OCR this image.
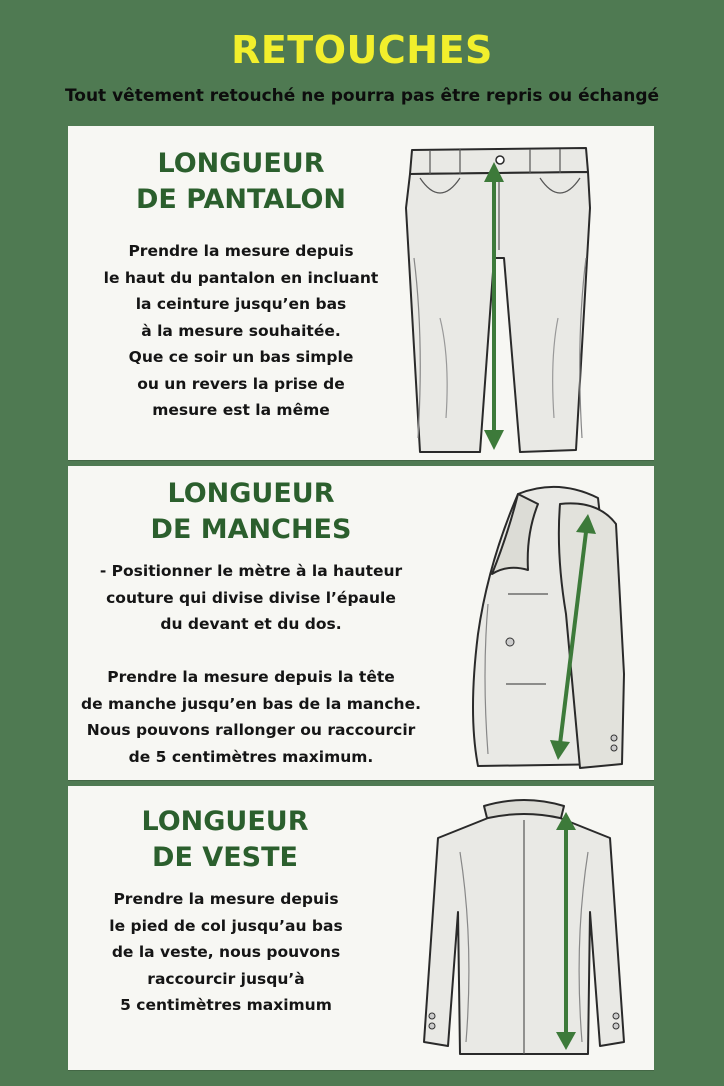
RETOUCHES
Tout vêtement retouché ne pourra pas être repris ou échangé
LONGUEUR
DE PANTALON
Prendre la mesure depuis
le haut du pantalon en incluant
la ceinture jusqu’en bas
à la mesure souhaitée.
Que ce soir un bas simple
ou un revers la prise de
mesure est la même
LONGUEUR
DE MANCHES
- Positionner le mètre à la hauteur
couture qui divise divise l’épaule
du devant et du dos.

Prendre la mesure depuis la tête
de manche jusqu’en bas de la manche.
Nous pouvons rallonger ou raccourcir
de 5 centimètres maximum.
LONGUEUR
DE VESTE
Prendre la mesure depuis
le pied de col jusqu’au bas
de la veste, nous pouvons
raccourcir jusqu’à
5 centimètres maximum
